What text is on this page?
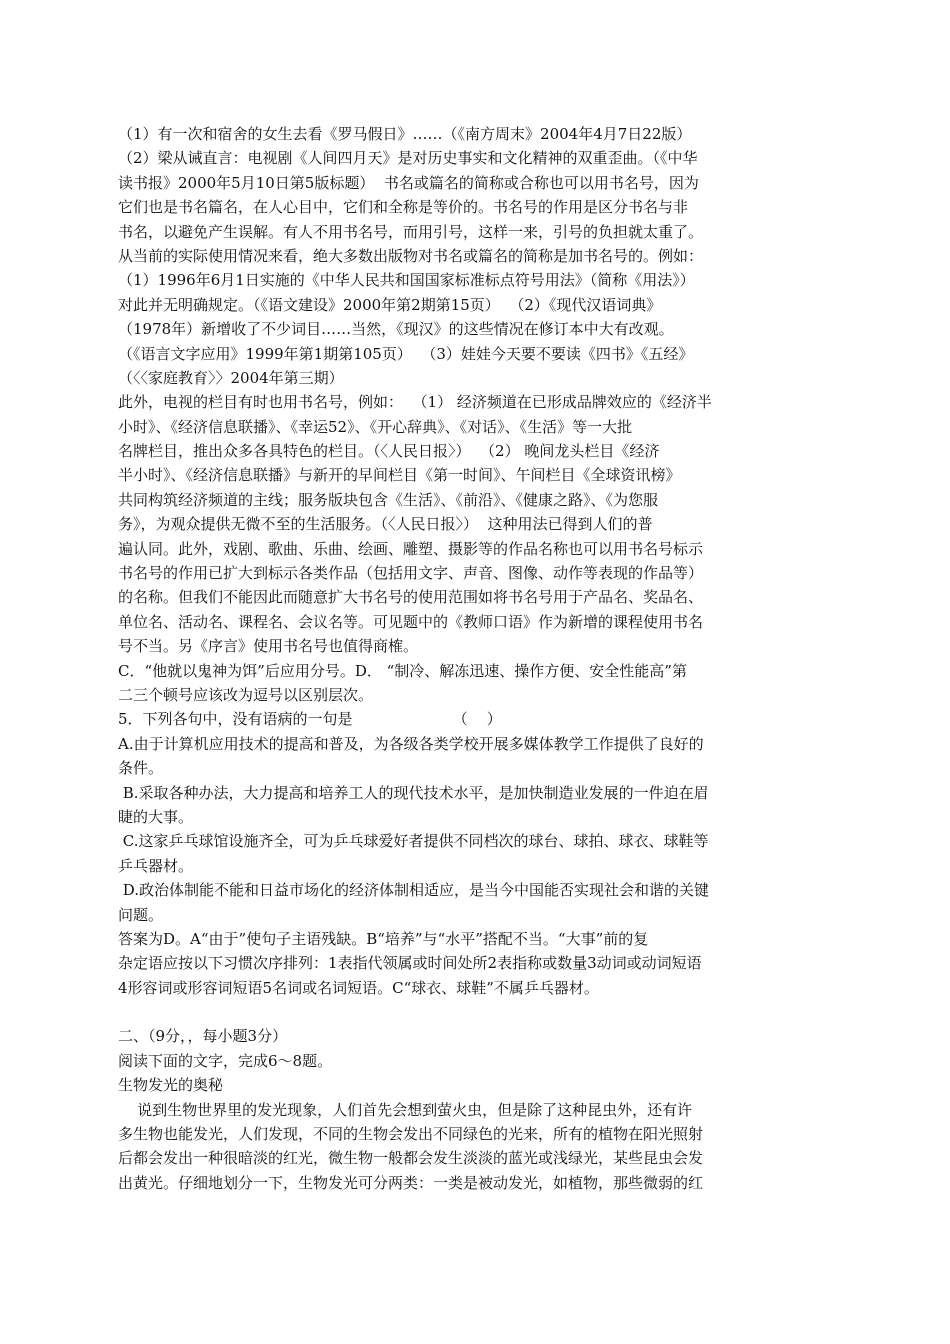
（1）有一次和宿舍的女生去看《罗马假日》……（《南方周末》2004年4月7日22版）
（2）梁从诫直言：电视剧《人间四月天》是对历史事实和文化精神的双重歪曲。（《中华
读书报》2000年5月10日第5版标题）  书名或篇名的简称或合称也可以用书名号，因为
它们也是书名篇名，在人心目中，它们和全称是等价的。书名号的作用是区分书名与非
书名，以避免产生误解。有人不用书名号，而用引号，这样一来，引号的负担就太重了。
从当前的实际使用情况来看，绝大多数出版物对书名或篇名的简称是加书名号的。例如：
（1）1996年6月1日实施的《中华人民共和国国家标准标点符号用法》（简称《用法》）
对此并无明确规定。（《语文建设》2000年第2期第15页）  （2）《现代汉语词典》
（1978年）新增收了不少词目……当然，《现汉》的这些情况在修订本中大有改观。
（《语言文字应用》1999年第1期第105页）  （3）娃娃今天要不要读《四书》《五经》
（〈〈家庭教育〉〉2004年第三期）
此外，电视的栏目有时也用书名号，例如：  （1） 经济频道在已形成品牌效应的《经济半
小时》、《经济信息联播》、《幸运52》、《开心辞典》、《对话》、《生活》等一大批
名牌栏目，推出众多各具特色的栏目。（〈人民日报〉）  （2） 晚间龙头栏目《经济
半小时》、《经济信息联播》与新开的早间栏目《第一时间》、午间栏目《全球资讯榜》
共同构筑经济频道的主线；服务版块包含《生活》、《前沿》、《健康之路》、《为您服
务》，为观众提供无微不至的生活服务。（〈人民日报〉）  这种用法已得到人们的普
遍认同。此外，戏剧、歌曲、乐曲、绘画、雕塑、摄影等的作品名称也可以用书名号标示
书名号的作用已扩大到标示各类作品（包括用文字、声音、图像、动作等表现的作品等）
的名称。但我们不能因此而随意扩大书名号的使用范围如将书名号用于产品名、奖品名、
单位名、活动名、课程名、会议名等。可见题中的《教师口语》作为新增的课程使用书名
号不当。另《序言》使用书名号也值得商榷。
C．“他就以鬼神为饵”后应用分号。D． “制冷、解冻迅速、操作方便、安全性能高”第
二三个顿号应该改为逗号以区别层次。
5．下列各句中，没有语病的一句是                     （    ）
A.由于计算机应用技术的提高和普及，为各级各类学校开展多媒体教学工作提供了良好的
条件。
B.采取各种办法，大力提高和培养工人的现代技术水平，是加快制造业发展的一件迫在眉
睫的大事。
C.这家乒乓球馆设施齐全，可为乒乓球爱好者提供不同档次的球台、球拍、球衣、球鞋等
乒乓器材。
D.政治体制能不能和日益市场化的经济体制相适应，是当今中国能否实现社会和谐的关键
问题。
答案为D。A“由于”使句子主语残缺。B“培养”与“水平”搭配不当。“大事”前的复
杂定语应按以下习惯次序排列：1表指代领属或时间处所2表指称或数量3动词或动词短语
4形容词或形容词短语5名词或名词短语。C“球衣、球鞋”不属乒乓器材。
二、（9分，，每小题3分）
阅读下面的文字，完成6～8题。
生物发光的奥秘
说到生物世界里的发光现象，人们首先会想到萤火虫，但是除了这种昆虫外，还有许
多生物也能发光，人们发现，不同的生物会发出不同绿色的光来，所有的植物在阳光照射
后都会发出一种很暗淡的红光，微生物一般都会发生淡淡的蓝光或浅绿光，某些昆虫会发
出黄光。仔细地划分一下，生物发光可分两类：一类是被动发光，如植物，那些微弱的红
